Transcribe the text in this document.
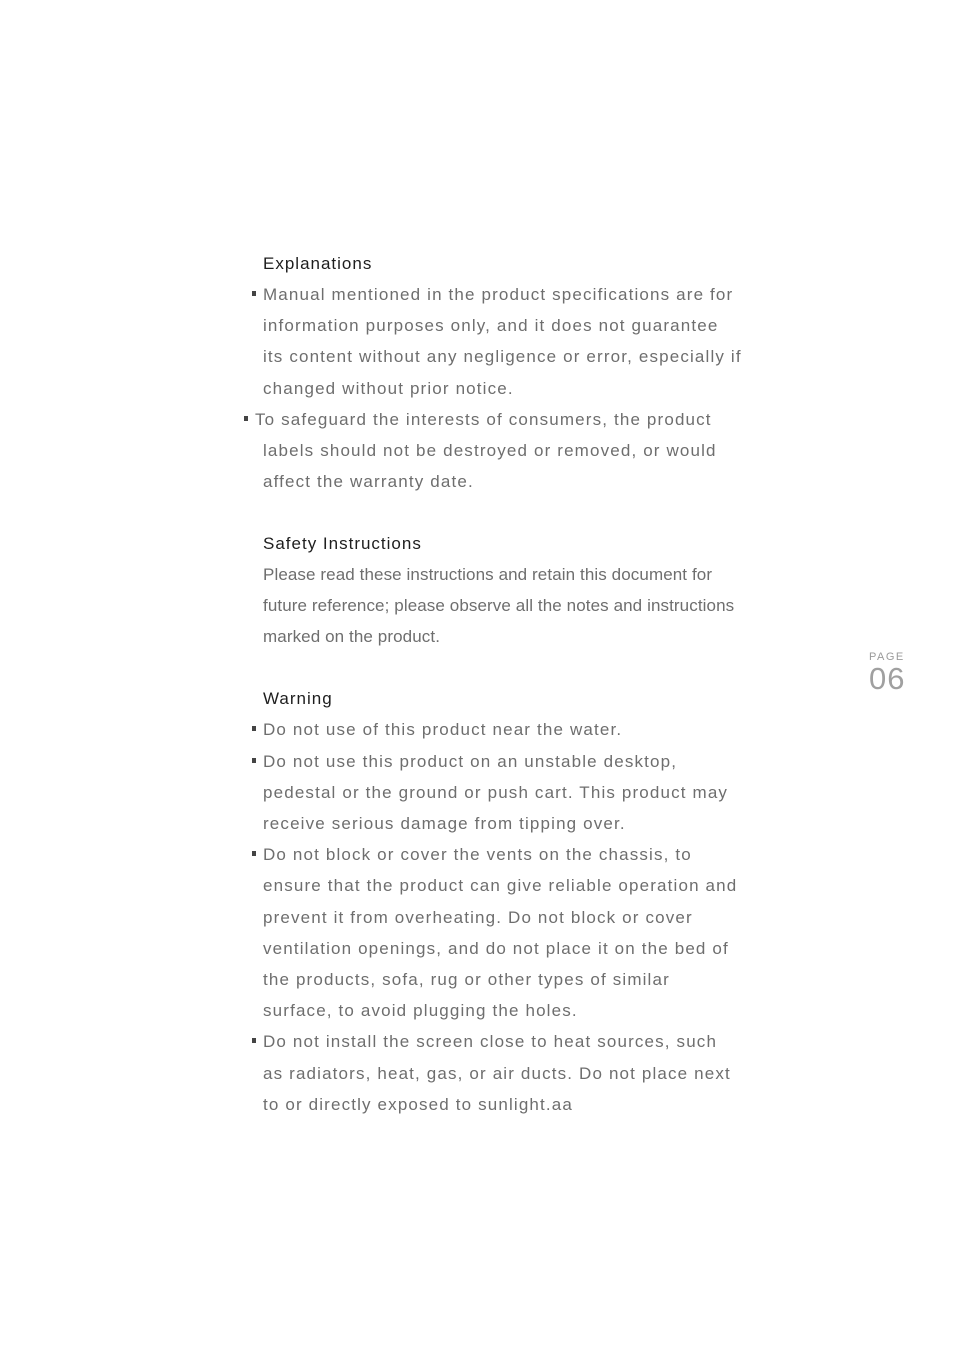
Explanations
Manual mentioned in the product specifications are for information purposes only, and it does not guarantee its content without any negligence or error, especially if changed without prior notice.
To safeguard the interests of consumers, the product labels should not be destroyed or removed, or would affect the warranty date.
Safety Instructions

Please read these instructions and retain this document for future reference; please observe all the notes and instructions marked on the product.

Warning
Do not use of this product near the water.
Do not use this product on an unstable desktop, pedestal or the ground or push cart. This product may receive serious damage from tipping over.
Do not block or cover the vents on the chassis, to ensure that the product can give reliable operation and prevent it from overheating. Do not block or cover ventilation openings, and do not place it on the bed of the products, sofa, rug or other types of similar surface, to avoid plugging the holes.
Do not install the screen close to heat sources, such as radiators, heat, gas, or air ducts. Do not place next to or directly exposed to sunlight.aa
PAGE
06
